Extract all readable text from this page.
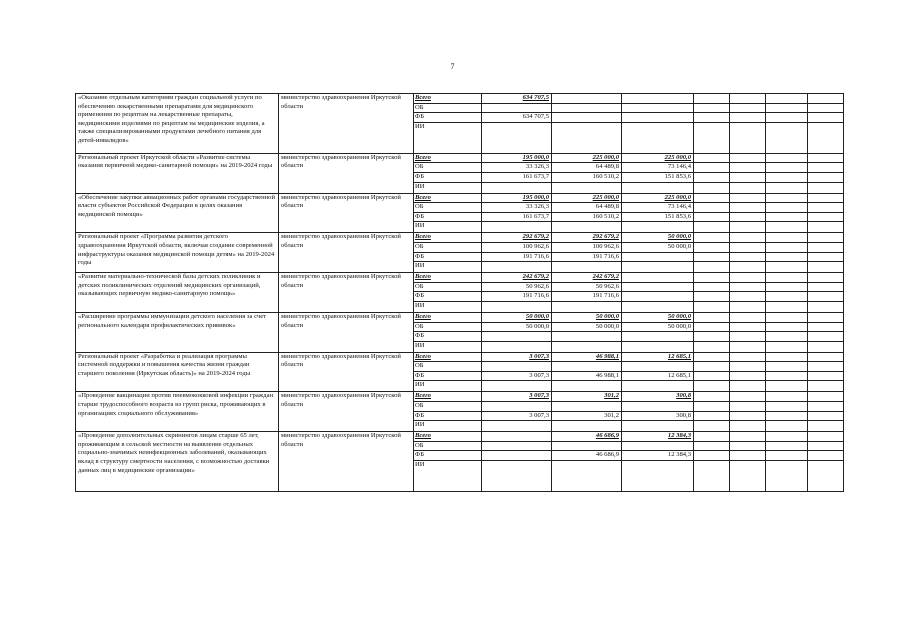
7
«Оказание отдельным категориям граждан социальной услуги по обеспечению лекарственными препаратами для медицинского применения по рецептам на лекарственные препараты, медицинскими изделиями по рецептам на медицинские изделия, а также специализированными продуктами лечебного питания для детей-инвалидов»	министерство здравоохранения Иркутской области	Всего	634 707,5						
		ОБ							
		ФБ	634 707,5						
		ИИ							
Региональный проект Иркутской области «Развитие системы оказания первичной медико-санитарной помощи» на 2019-2024 годы	министерство здравоохранения Иркутской области	Всего	195 000,0	225 000,0	225 000,0				
		ОБ	33 326,3	64 489,8	73 146,4				
		ФБ	161 673,7	160 510,2	151 853,6				
		ИИ							
«Обеспечение закупки авиационных работ органами государственной власти субъектов Российской Федерации в целях оказания медицинской помощи»	министерство здравоохранения Иркутской области	Всего	195 000,0	225 000,0	225 000,0				
		ОБ	33 326,3	64 489,8	73 146,4				
		ФБ	161 673,7	160 510,2	151 853,6				
		ИИ							
Региональный проект «Программа развития детского здравоохранения Иркутской области, включая создание современной инфраструктуры оказания медицинской помощи детям» на 2019-2024 годы	министерство здравоохранения Иркутской области	Всего	292 679,2	292 679,2	50 000,0				
		ОБ	100 962,6	100 962,6	50 000,0				
		ФБ	191 716,6	191 716,6					
		ИИ							
«Развитие материально-технической базы детских поликлиник и детских поликлинических отделений медицинских организаций, оказывающих первичную медико-санитарную помощь»	министерство здравоохранения Иркутской области	Всего	242 679,2	242 679,2					
		ОБ	50 962,6	50 962,6					
		ФБ	191 716,6	191 716,6					
		ИИ							
«Расширение программы иммунизации детского населения за счет регионального календаря профилактических прививок»	министерство здравоохранения Иркутской области	Всего	50 000,0	50 000,0	50 000,0				
		ОБ	50 000,0	50 000,0	50 000,0				
		ФБ							
		ИИ							
Региональный проект «Разработка и реализация программы системной поддержки и повышения качества жизни граждан старшего поколения (Иркутская область)» на 2019-2024 годы	министерство здравоохранения Иркутской области	Всего	3 007,3	46 988,1	12 685,1				
		ОБ							
		ФБ	3 007,3	46 988,1	12 685,1				
		ИИ							
«Проведение вакцинации против пневмококковой инфекции граждан старше трудоспособного возраста из групп риска, проживающих в организациях социального обслуживания»	министерство здравоохранения Иркутской области	Всего	3 007,3	301,2	300,8				
		ОБ							
		ФБ	3 007,3	301,2	300,8				
		ИИ							
«Проведение дополнительных скринингов лицам старше 65 лет, проживающим в сельской местности на выявление отдельных социально-значимых неинфекционных заболеваний, оказывающих вклад в структуру смертности населения, с возможностью доставки данных лиц в медицинские организации»	министерство здравоохранения Иркутской области	Всего		46 686,9	12 384,3				
		ОБ							
		ФБ		46 686,9	12 384,3				
		ИИ							
